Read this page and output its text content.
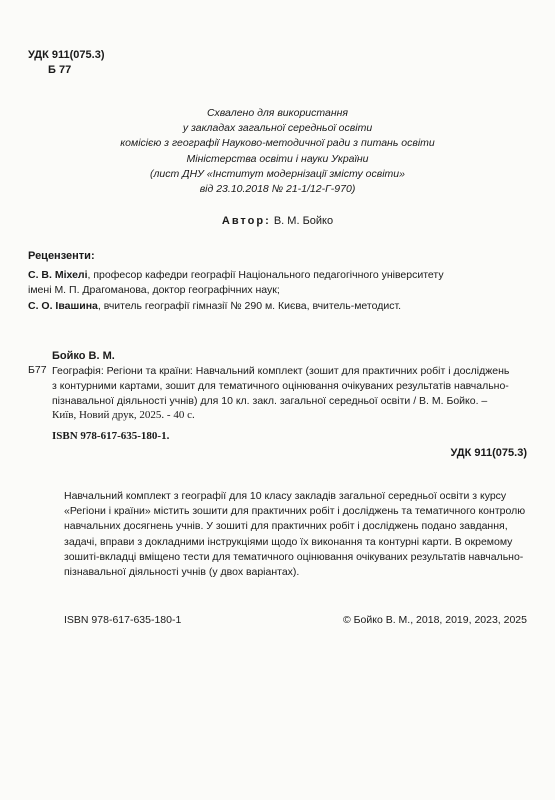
УДК 911(075.3)
Б 77
Схвалено для використання
у закладах загальної середньої освіти
комісією з географії Науково-методичної ради з питань освіти
Міністерства освіти і науки України
(лист ДНУ «Інститут модернізації змісту освіти»
від 23.10.2018 № 21-1/12-Г-970)
Автор: В. М. Бойко
Рецензенти:
С. В. Міхелі, професор кафедри географії Національного педагогічного університету
імені М. П. Драгоманова, доктор географічних наук;
С. О. Івашина, вчитель географії гімназії № 290 м. Києва, вчитель-методист.
Бойко В. М.
Б77 Географія: Регіони та країни: Навчальний комплект (зошит для практичних робіт і досліджень
з контурними картами, зошит для тематичного оцінювання очікуваних результатів навчально-
пізнавальної діяльності учнів) для 10 кл. закл. загальної середньої освіти / В. М. Бойко. –
Київ, Новий друк, 2025. - 40 с.
ISBN 978-617-635-180-1.
УДК 911(075.3)
Навчальний комплект з географії для 10 класу закладів загальної середньої освіти з курсу
«Регіони і країни» містить зошити для практичних робіт і досліджень та тематичного контролю
навчальних досягнень учнів. У зошиті для практичних робіт і досліджень подано завдання,
задачі, вправи з докладними інструкціями щодо їх виконання та контурні карти. В окремому
зошиті-вкладці вміщено тести для тематичного оцінювання очікуваних результатів навчально-
пізнавальної діяльності учнів (у двох варіантах).
ISBN 978-617-635-180-1	© Бойко В. М., 2018, 2019, 2023, 2025
